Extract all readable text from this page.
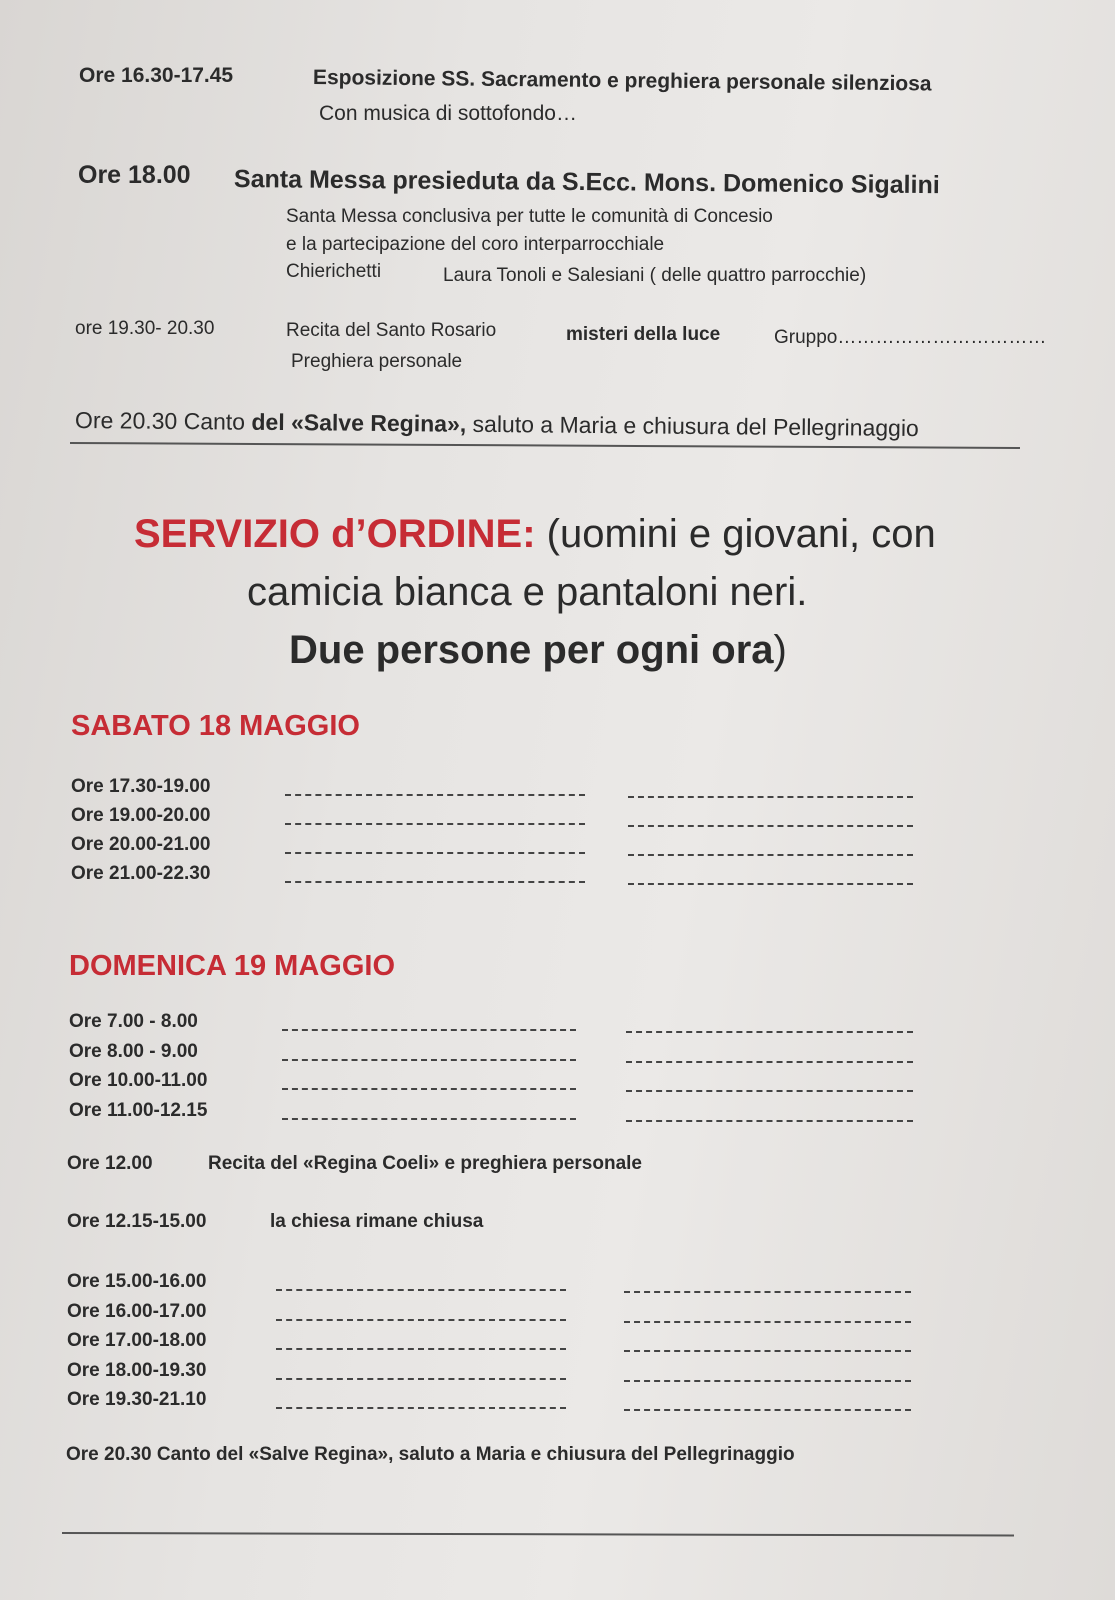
Ore 16.30-17.45	Esposizione SS. Sacramento e preghiera personale silenziosa
Con musica di sottofondo…
Ore 18.00 Santa Messa presieduta da S.Ecc. Mons. Domenico Sigalini
Santa Messa conclusiva per tutte le comunità di Concesio
e la partecipazione del coro interparrocchiale
Chierichetti	Laura Tonoli e Salesiani ( delle quattro parrocchie)
ore 19.30- 20.30	Recita del Santo Rosario	misteri della luce	Gruppo……………………………
Preghiera personale
Ore 20.30 Canto del «Salve Regina», saluto a Maria e chiusura del Pellegrinaggio
SERVIZIO d’ORDINE: (uomini e giovani, con
camicia bianca e pantaloni neri.
Due persone per ogni ora)
SABATO 18 MAGGIO
Ore 17.30-19.00
Ore 19.00-20.00
Ore 20.00-21.00
Ore 21.00-22.30
DOMENICA 19 MAGGIO
Ore 7.00 - 8.00
Ore 8.00 - 9.00
Ore 10.00-11.00
Ore 11.00-12.15
Ore 12.00	Recita del «Regina Coeli» e preghiera personale
Ore 12.15-15.00	la chiesa rimane chiusa
Ore 15.00-16.00
Ore 16.00-17.00
Ore 17.00-18.00
Ore 18.00-19.30
Ore 19.30-21.10
Ore 20.30 Canto del «Salve Regina», saluto a Maria e chiusura del Pellegrinaggio
